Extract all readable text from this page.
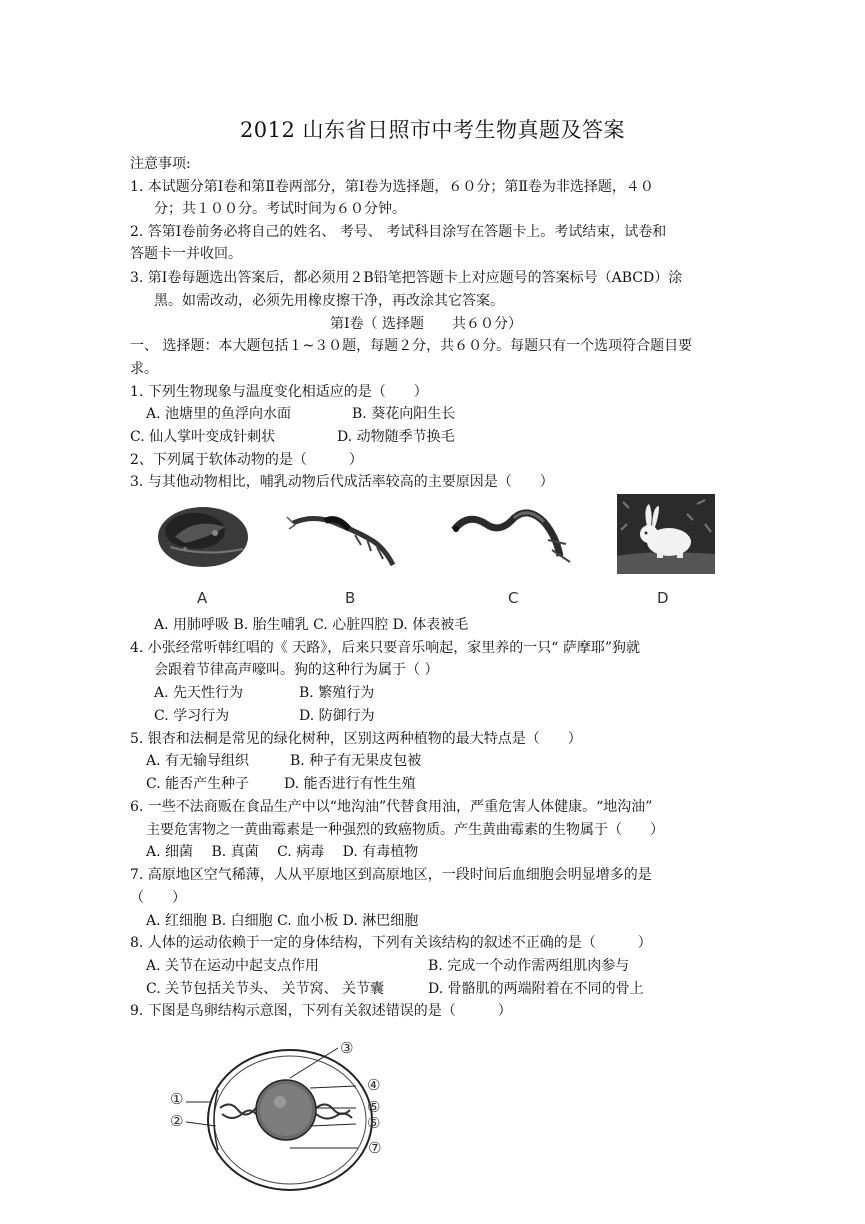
2012 山东省日照市中考生物真题及答案
注意事项:
1. 本试题分第Ⅰ卷和第Ⅱ卷两部分，第Ⅰ卷为选择题，６０分；第Ⅱ卷为非选择题，４０
分；共１００分。考试时间为６０分钟。
2. 答第Ⅰ卷前务必将自己的姓名、 考号、 考试科目涂写在答题卡上。考试结束，试卷和
答题卡一并收回。
3. 第Ⅰ卷每题选出答案后，都必须用２B铅笔把答题卡上对应题号的答案标号（ABCD）涂
黑。如需改动，必须先用橡皮擦干净，再改涂其它答案。
第Ⅰ卷（ 选择题　　共６０分）
一、 选择题：本大题包括１~３０题，每题２分，共６０分。每题只有一个选项符合题目要
求。
1. 下列生物现象与温度变化相适应的是（　　）
A. 池塘里的鱼浮向水面	B. 葵花向阳生长
C. 仙人掌叶变成针刺状	D. 动物随季节换毛
2、下列属于软体动物的是（　　　）
3. 与其他动物相比，哺乳动物后代成活率较高的主要原因是（　　）
A	B	C	D
A. 用肺呼吸 B. 胎生哺乳 C. 心脏四腔 D. 体表被毛
4. 小张经常听韩红唱的《 天路》，后来只要音乐响起，家里养的一只“ 萨摩耶”狗就
会跟着节律高声嚎叫。狗的这种行为属于（ ）
A. 先天性行为	B. 繁殖行为
C. 学习行为	D. 防御行为
5. 银杏和法桐是常见的绿化树种，区别这两种植物的最大特点是（　　）
A. 有无输导组织	B. 种子有无果皮包被
C. 能否产生种子 D. 能否进行有性生殖
6. 一些不法商贩在食品生产中以“地沟油”代替食用油，严重危害人体健康。“地沟油”
主要危害物之一黄曲霉素是一种强烈的致癌物质。产生黄曲霉素的生物属于（　　）
A. 细菌　 B. 真菌　 C. 病毒　 D. 有毒植物
7. 高原地区空气稀薄，人从平原地区到高原地区，一段时间后血细胞会明显增多的是
（　　）
A. 红细胞 B. 白细胞 C. 血小板 D. 淋巴细胞
8. 人体的运动依赖于一定的身体结构，下列有关该结构的叙述不正确的是（　　　）
A. 关节在运动中起支点作用	B. 完成一个动作需两组肌肉参与
C. 关节包括关节头、 关节窝、 关节囊	D. 骨骼肌的两端附着在不同的骨上
9. 下图是鸟卵结构示意图，下列有关叙述错误的是（　　　）
③
④
⑤
⑥
⑦
①
②
